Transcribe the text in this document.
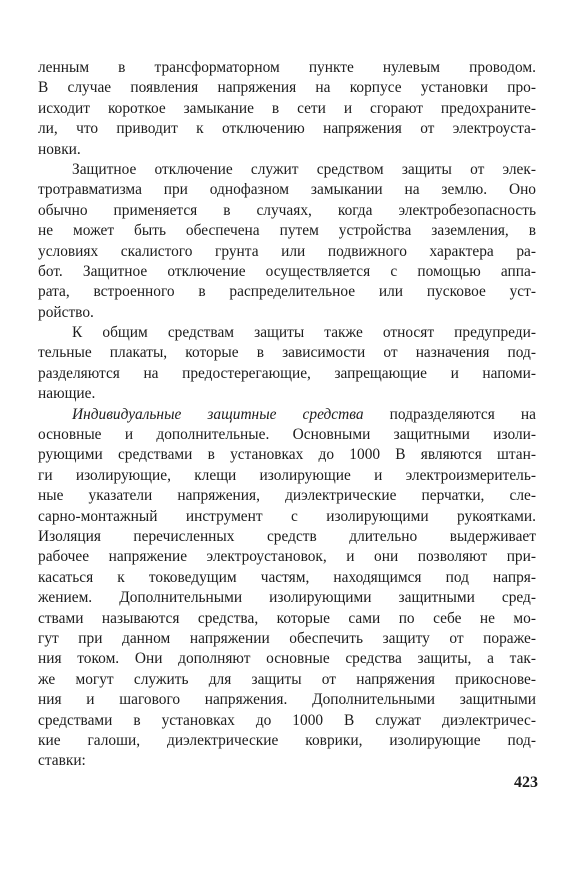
ленным в трансформаторном пункте нулевым проводом.
В случае появления напряжения на корпусе установки про-
исходит короткое замыкание в сети и сгорают предохраните-
ли, что приводит к отключению напряжения от электроуста-
новки.
Защитное отключение служит средством защиты от элек-
тротравматизма при однофазном замыкании на землю. Оно
обычно применяется в случаях, когда электробезопасность
не может быть обеспечена путем устройства заземления, в
условиях скалистого грунта или подвижного характера ра-
бот. Защитное отключение осуществляется с помощью аппа-
рата, встроенного в распределительное или пусковое уст-
ройство.
К общим средствам защиты также относят предупреди-
тельные плакаты, которые в зависимости от назначения под-
разделяются на предостерегающие, запрещающие и напоми-
нающие.
Индивидуальные защитные средства подразделяются на
основные и дополнительные. Основными защитными изоли-
рующими средствами в установках до 1000 В являются штан-
ги изолирующие, клещи изолирующие и электроизмеритель-
ные указатели напряжения, диэлектрические перчатки, сле-
сарно-монтажный инструмент с изолирующими рукоятками.
Изоляция перечисленных средств длительно выдерживает
рабочее напряжение электроустановок, и они позволяют при-
касаться к токоведущим частям, находящимся под напря-
жением. Дополнительными изолирующими защитными сред-
ствами называются средства, которые сами по себе не мо-
гут при данном напряжении обеспечить защиту от пораже-
ния током. Они дополняют основные средства защиты, а так-
же могут служить для защиты от напряжения прикоснове-
ния и шагового напряжения. Дополнительными защитными
средствами в установках до 1000 В служат диэлектричес-
кие галоши, диэлектрические коврики, изолирующие под-
ставки:
423
